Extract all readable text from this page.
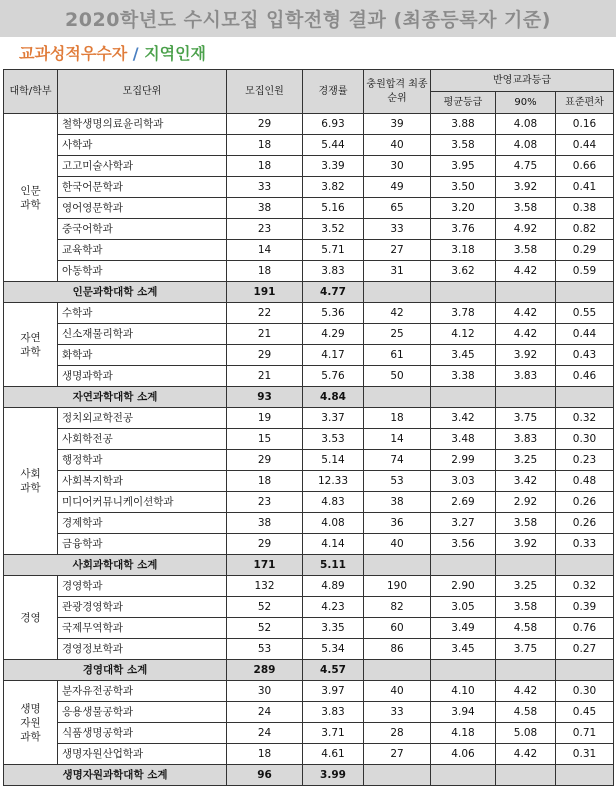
2020학년도 수시모집 입학전형 결과 (최종등록자 기준)
교과성적우수자 / 지역인재
대학/학부	모집단위	모집인원	경쟁률	충원합격 최종순위	반영교과등급		
					평균등급	90%	표준편차
인문
과학	철학생명의료윤리학과	29	6.93	39	3.88	4.08	0.16
	사학과	18	5.44	40	3.58	4.08	0.44
	고고미술사학과	18	3.39	30	3.95	4.75	0.66
	한국어문학과	33	3.82	49	3.50	3.92	0.41
	영어영문학과	38	5.16	65	3.20	3.58	0.38
	중국어학과	23	3.52	33	3.76	4.92	0.82
	교육학과	14	5.71	27	3.18	3.58	0.29
	아동학과	18	3.83	31	3.62	4.42	0.59
인문과학대학 소계		191	4.77				
자연
과학	수학과	22	5.36	42	3.78	4.42	0.55
	신소재물리학과	21	4.29	25	4.12	4.42	0.44
	화학과	29	4.17	61	3.45	3.92	0.43
	생명과학과	21	5.76	50	3.38	3.83	0.46
자연과학대학 소계		93	4.84				
사회
과학	정치외교학전공	19	3.37	18	3.42	3.75	0.32
	사회학전공	15	3.53	14	3.48	3.83	0.30
	행정학과	29	5.14	74	2.99	3.25	0.23
	사회복지학과	18	12.33	53	3.03	3.42	0.48
	미디어커뮤니케이션학과	23	4.83	38	2.69	2.92	0.26
	경제학과	38	4.08	36	3.27	3.58	0.26
	금융학과	29	4.14	40	3.56	3.92	0.33
사회과학대학 소계		171	5.11				
경영	경영학과	132	4.89	190	2.90	3.25	0.32
	관광경영학과	52	4.23	82	3.05	3.58	0.39
	국제무역학과	52	3.35	60	3.49	4.58	0.76
	경영정보학과	53	5.34	86	3.45	3.75	0.27
경영대학 소계		289	4.57				
생명
자원
과학	분자유전공학과	30	3.97	40	4.10	4.42	0.30
	응용생물공학과	24	3.83	33	3.94	4.58	0.45
	식품생명공학과	24	3.71	28	4.18	5.08	0.71
	생명자원산업학과	18	4.61	27	4.06	4.42	0.31
생명자원과학대학 소계		96	3.99				
